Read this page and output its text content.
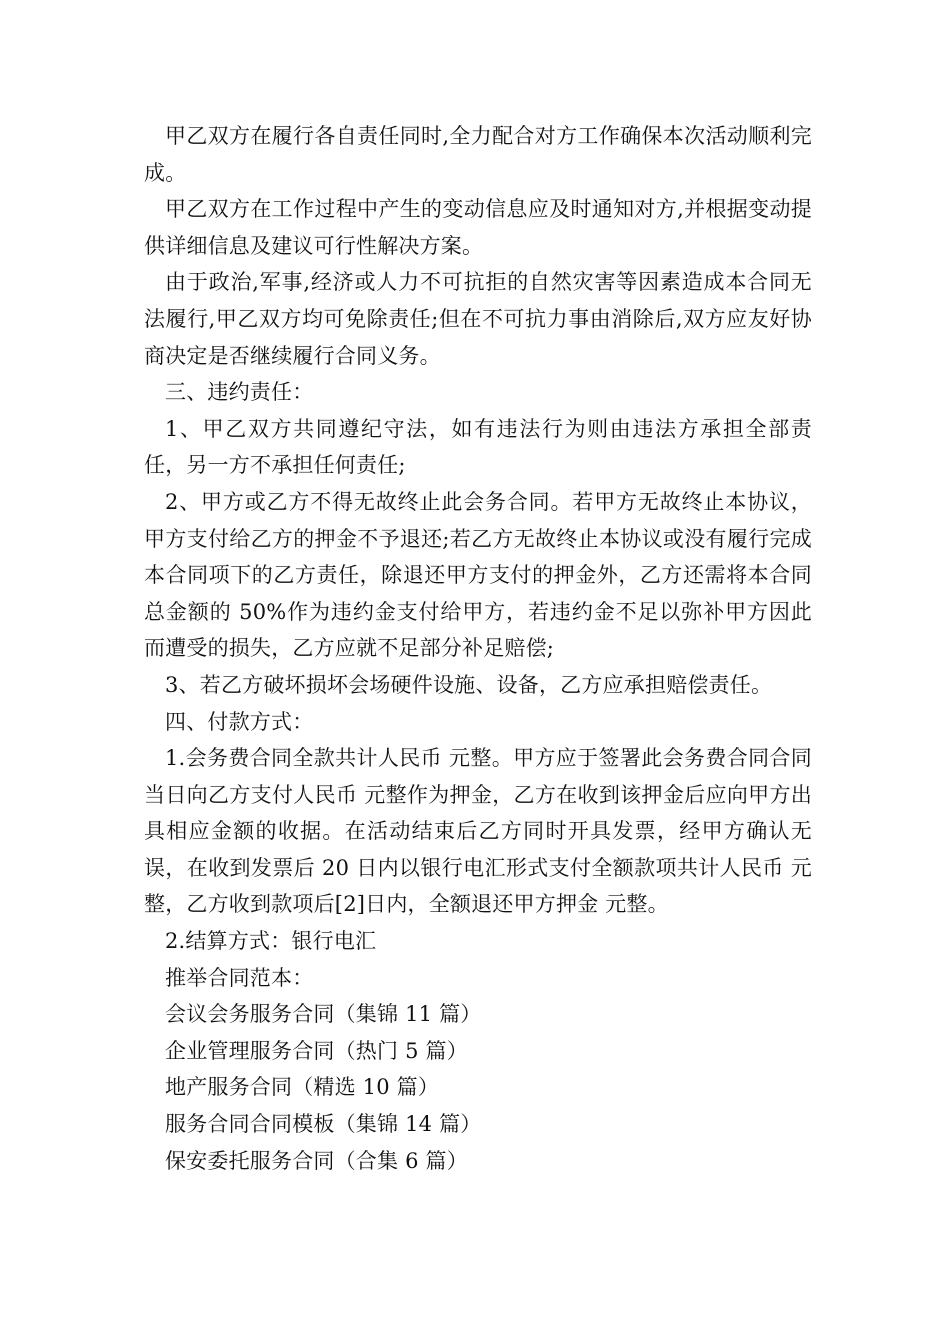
甲乙双方在履行各自责任同时,全力配合对方工作确保本次活动顺利完成。

甲乙双方在工作过程中产生的变动信息应及时通知对方,并根据变动提供详细信息及建议可行性解决方案。

由于政治,军事,经济或人力不可抗拒的自然灾害等因素造成本合同无法履行,甲乙双方均可免除责任;但在不可抗力事由消除后,双方应友好协商决定是否继续履行合同义务。

三、违约责任：

1、甲乙双方共同遵纪守法，如有违法行为则由违法方承担全部责任，另一方不承担任何责任;

2、甲方或乙方不得无故终止此会务合同。若甲方无故终止本协议，甲方支付给乙方的押金不予退还;若乙方无故终止本协议或没有履行完成本合同项下的乙方责任，除退还甲方支付的押金外，乙方还需将本合同总金额的 50%作为违约金支付给甲方，若违约金不足以弥补甲方因此而遭受的损失，乙方应就不足部分补足赔偿;

3、若乙方破坏损坏会场硬件设施、设备，乙方应承担赔偿责任。

四、付款方式：

1.会务费合同全款共计人民币 元整。甲方应于签署此会务费合同合同当日向乙方支付人民币 元整作为押金，乙方在收到该押金后应向甲方出具相应金额的收据。在活动结束后乙方同时开具发票，经甲方确认无误，在收到发票后 20 日内以银行电汇形式支付全额款项共计人民币 元整，乙方收到款项后[2]日内，全额退还甲方押金 元整。

2.结算方式：银行电汇

推举合同范本：

会议会务服务合同（集锦 11 篇）
企业管理服务合同（热门 5 篇）
地产服务合同（精选 10 篇）
服务合同合同模板（集锦 14 篇）
保安委托服务合同（合集 6 篇）
